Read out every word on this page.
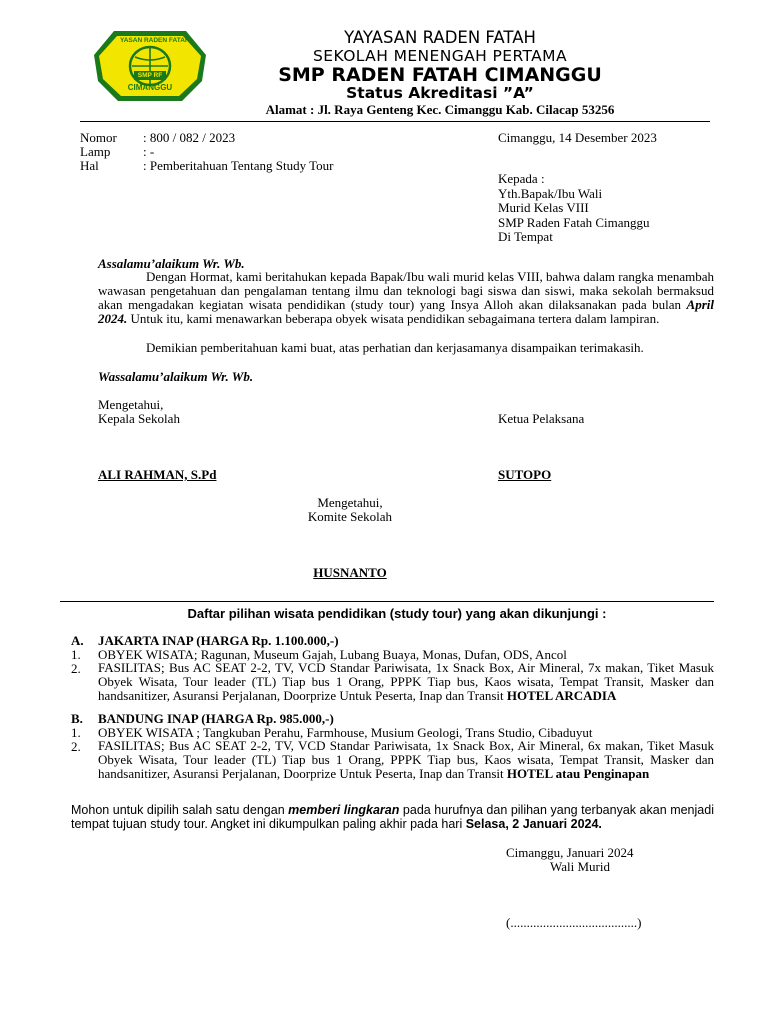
YASAN RADEN FATAH
SMP RF
CIMANGGU
YAYASAN RADEN FATAH
SEKOLAH MENENGAH PERTAMA
SMP RADEN FATAH CIMANGGU
Status Akreditasi ”A”
Alamat : Jl. Raya Genteng Kec. Cimanggu Kab. Cilacap 53256
Nomor : 800 / 082 / 2023
Lamp	: -
Hal	: Pemberitahuan Tentang Study Tour
Cimanggu, 14 Desember 2023
Kepada :
Yth.Bapak/Ibu Wali
Murid Kelas VIII
SMP Raden Fatah Cimanggu
Di Tempat
Assalamu’alaikum Wr. Wb.
Dengan Hormat, kami beritahukan kepada Bapak/Ibu wali murid kelas VIII, bahwa dalam rangka menambah wawasan pengetahuan dan pengalaman tentang ilmu dan teknologi bagi siswa dan siswi, maka sekolah bermaksud akan mengadakan kegiatan wisata pendidikan (study tour) yang Insya Alloh akan dilaksanakan pada bulan April 2024. Untuk itu, kami menawarkan beberapa obyek wisata pendidikan sebagaimana tertera dalam lampiran.
Demikian pemberitahuan kami buat, atas perhatian dan kerjasamanya disampaikan terimakasih.
Wassalamu’alaikum Wr. Wb.
Mengetahui,
Kepala Sekolah
ALI RAHMAN, S.Pd
Ketua Pelaksana
SUTOPO
Mengetahui,
Komite Sekolah
HUSNANTO
Daftar pilihan wisata pendidikan (study tour) yang akan dikunjungi :
A. JAKARTA INAP (HARGA Rp. 1.100.000,-)
1. OBYEK WISATA; Ragunan, Museum Gajah, Lubang Buaya, Monas, Dufan, ODS, Ancol
2. FASILITAS; Bus AC SEAT 2-2, TV, VCD Standar Pariwisata, 1x Snack Box, Air Mineral, 7x makan, Tiket Masuk Obyek Wisata, Tour leader (TL) Tiap bus 1 Orang, PPPK Tiap bus, Kaos wisata, Tempat Transit, Masker dan handsanitizer, Asuransi Perjalanan, Doorprize Untuk Peserta, Inap dan Transit HOTEL ARCADIA
B. BANDUNG INAP (HARGA Rp. 985.000,-)
1. OBYEK WISATA ; Tangkuban Perahu, Farmhouse, Musium Geologi, Trans Studio, Cibaduyut
2. FASILITAS; Bus AC SEAT 2-2, TV, VCD Standar Pariwisata, 1x Snack Box, Air Mineral, 6x makan, Tiket Masuk Obyek Wisata, Tour leader (TL) Tiap bus 1 Orang, PPPK Tiap bus, Kaos wisata, Tempat Transit, Masker dan handsanitizer, Asuransi Perjalanan, Doorprize Untuk Peserta, Inap dan Transit HOTEL atau Penginapan
Mohon untuk dipilih salah satu dengan memberi lingkaran pada hurufnya dan pilihan yang terbanyak akan menjadi tempat tujuan study tour. Angket ini dikumpulkan paling akhir pada hari Selasa, 2 Januari 2024.
Cimanggu, Januari 2024
Wali Murid
(.......................................)
